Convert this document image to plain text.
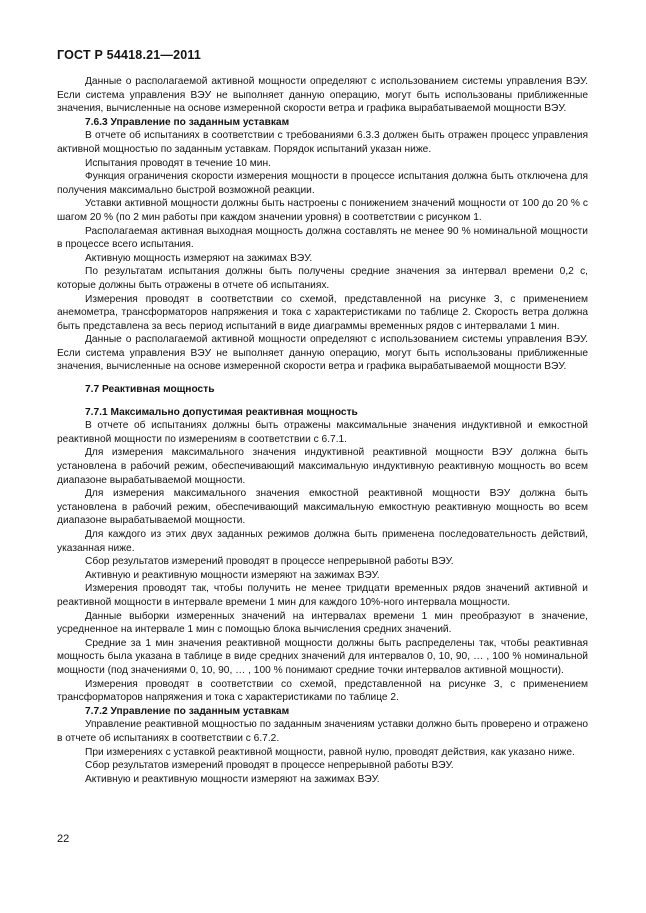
ГОСТ Р 54418.21—2011
Данные о располагаемой активной мощности определяют с использованием системы управления ВЭУ. Если система управления ВЭУ не выполняет данную операцию, могут быть использованы приближенные значения, вычисленные на основе измеренной скорости ветра и графика вырабатываемой мощности ВЭУ.
7.6.3 Управление по заданным уставкам
В отчете об испытаниях в соответствии с требованиями 6.3.3 должен быть отражен процесс управления активной мощностью по заданным уставкам. Порядок испытаний указан ниже.
Испытания проводят в течение 10 мин.
Функция ограничения скорости измерения мощности в процессе испытания должна быть отключена для получения максимально быстрой возможной реакции.
Уставки активной мощности должны быть настроены с понижением значений мощности от 100 до 20 % с шагом 20 % (по 2 мин работы при каждом значении уровня) в соответствии с рисунком 1.
Располагаемая активная выходная мощность должна составлять не менее 90 % номинальной мощности в процессе всего испытания.
Активную мощность измеряют на зажимах ВЭУ.
По результатам испытания должны быть получены средние значения за интервал времени 0,2 с, которые должны быть отражены в отчете об испытаниях.
Измерения проводят в соответствии со схемой, представленной на рисунке 3, с применением анемометра, трансформаторов напряжения и тока с характеристиками по таблице 2. Скорость ветра должна быть представлена за весь период испытаний в виде диаграммы временных рядов с интервалами 1 мин.
Данные о располагаемой активной мощности определяют с использованием системы управления ВЭУ. Если система управления ВЭУ не выполняет данную операцию, могут быть использованы приближенные значения, вычисленные на основе измеренной скорости ветра и графика вырабатываемой мощности ВЭУ.
7.7 Реактивная мощность
7.7.1 Максимально допустимая реактивная мощность
В отчете об испытаниях должны быть отражены максимальные значения индуктивной и емкостной реактивной мощности по измерениям в соответствии с 6.7.1.
Для измерения максимального значения индуктивной реактивной мощности ВЭУ должна быть установлена в рабочий режим, обеспечивающий максимальную индуктивную реактивную мощность во всем диапазоне вырабатываемой мощности.
Для измерения максимального значения емкостной реактивной мощности ВЭУ должна быть установлена в рабочий режим, обеспечивающий максимальную емкостную реактивную мощность во всем диапазоне вырабатываемой мощности.
Для каждого из этих двух заданных режимов должна быть применена последовательность действий, указанная ниже.
Сбор результатов измерений проводят в процессе непрерывной работы ВЭУ.
Активную и реактивную мощности измеряют на зажимах ВЭУ.
Измерения проводят так, чтобы получить не менее тридцати временных рядов значений активной и реактивной мощности в интервале времени 1 мин для каждого 10%-ного интервала мощности.
Данные выборки измеренных значений на интервалах времени 1 мин преобразуют в значение, усредненное на интервале 1 мин с помощью блока вычисления средних значений.
Средние за 1 мин значения реактивной мощности должны быть распределены так, чтобы реактивная мощность была указана в таблице в виде средних значений для интервалов 0, 10, 90, … , 100 % номинальной мощности (под значениями 0, 10, 90, … , 100 % понимают средние точки интервалов активной мощности).
Измерения проводят в соответствии со схемой, представленной на рисунке 3, с применением трансформаторов напряжения и тока с характеристиками по таблице 2.
7.7.2 Управление по заданным уставкам
Управление реактивной мощностью по заданным значениям уставки должно быть проверено и отражено в отчете об испытаниях в соответствии с 6.7.2.
При измерениях с уставкой реактивной мощности, равной нулю, проводят действия, как указано ниже.
Сбор результатов измерений проводят в процессе непрерывной работы ВЭУ.
Активную и реактивную мощности измеряют на зажимах ВЭУ.
22
